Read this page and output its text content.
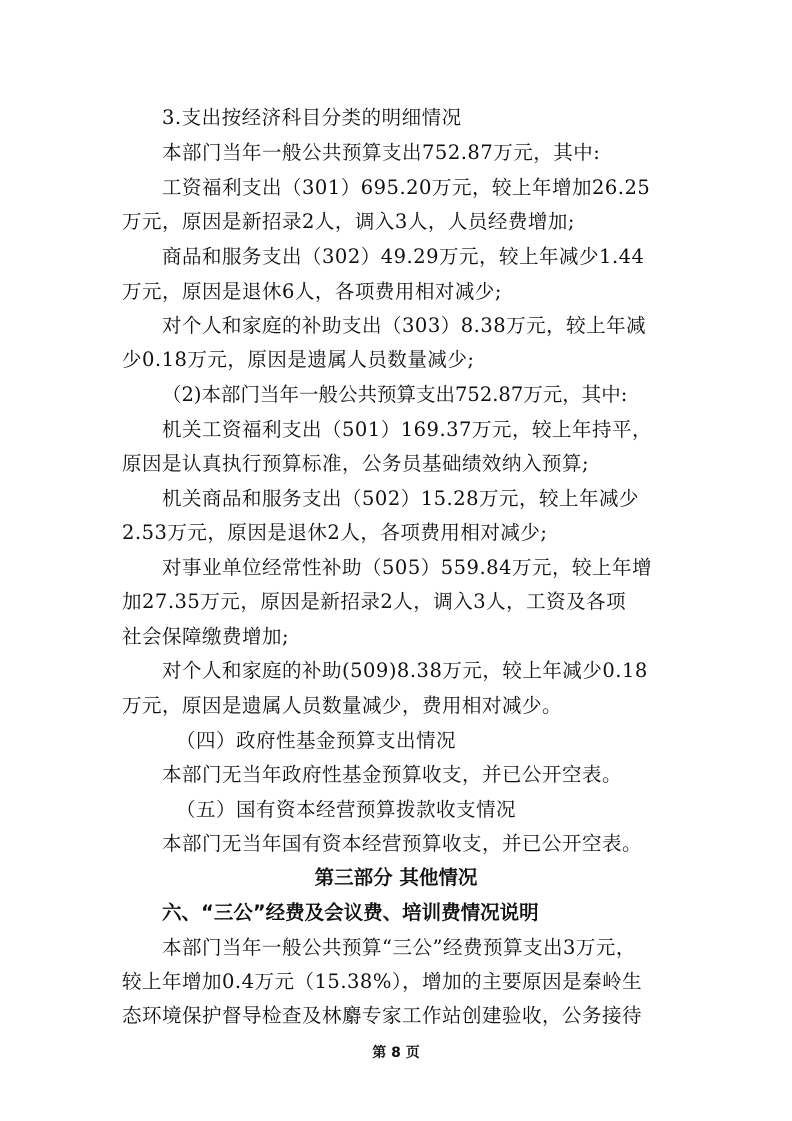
3.支出按经济科目分类的明细情况
本部门当年一般公共预算支出752.87万元，其中:
工资福利支出（301）695.20万元，较上年增加26.25
万元，原因是新招录2人，调入3人，人员经费增加;
商品和服务支出（302）49.29万元，较上年减少1.44
万元，原因是退休6人，各项费用相对减少;
对个人和家庭的补助支出（303）8.38万元，较上年减
少0.18万元，原因是遗属人员数量减少;
（2)本部门当年一般公共预算支出752.87万元，其中:
机关工资福利支出（501）169.37万元，较上年持平，
原因是认真执行预算标准，公务员基础绩效纳入预算;
机关商品和服务支出（502）15.28万元，较上年减少
2.53万元，原因是退休2人，各项费用相对减少;
对事业单位经常性补助（505）559.84万元，较上年增
加27.35万元，原因是新招录2人，调入3人，工资及各项
社会保障缴费增加;
对个人和家庭的补助(509)8.38万元，较上年减少0.18
万元，原因是遗属人员数量减少，费用相对减少。
（四）政府性基金预算支出情况
本部门无当年政府性基金预算收支，并已公开空表。
（五）国有资本经营预算拨款收支情况
本部门无当年国有资本经营预算收支，并已公开空表。
第三部分 其他情况
六、“三公”经费及会议费、培训费情况说明
本部门当年一般公共预算“三公”经费预算支出3万元，
较上年增加0.4万元（15.38%），增加的主要原因是秦岭生
态环境保护督导检查及林麝专家工作站创建验收，公务接待
第 8 页
